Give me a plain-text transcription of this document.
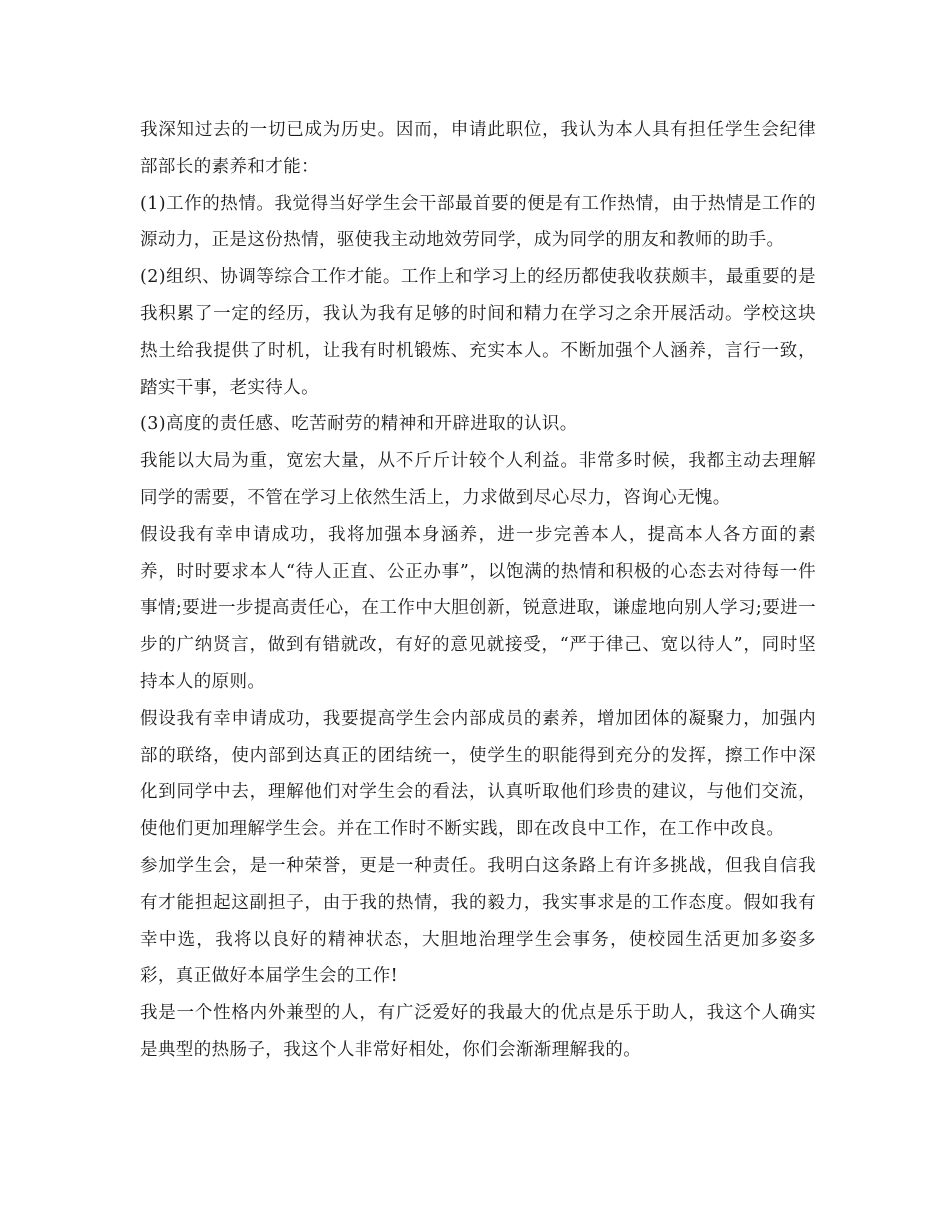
我深知过去的一切已成为历史。因而，申请此职位，我认为本人具有担任学生会纪律部部长的素养和才能：

(1)工作的热情。我觉得当好学生会干部最首要的便是有工作热情，由于热情是工作的源动力，正是这份热情，驱使我主动地效劳同学，成为同学的朋友和教师的助手。

(2)组织、协调等综合工作才能。工作上和学习上的经历都使我收获颇丰，最重要的是我积累了一定的经历，我认为我有足够的时间和精力在学习之余开展活动。学校这块热土给我提供了时机，让我有时机锻炼、充实本人。不断加强个人涵养，言行一致，踏实干事，老实待人。

(3)高度的责任感、吃苦耐劳的精神和开辟进取的认识。

我能以大局为重，宽宏大量，从不斤斤计较个人利益。非常多时候，我都主动去理解同学的需要，不管在学习上依然生活上，力求做到尽心尽力，咨询心无愧。

假设我有幸申请成功，我将加强本身涵养，进一步完善本人，提高本人各方面的素养，时时要求本人“待人正直、公正办事”，以饱满的热情和积极的心态去对待每一件事情;要进一步提高责任心，在工作中大胆创新，锐意进取，谦虚地向别人学习;要进一步的广纳贤言，做到有错就改，有好的意见就接受，“严于律己、宽以待人”，同时坚持本人的原则。

假设我有幸申请成功，我要提高学生会内部成员的素养，增加团体的凝聚力，加强内部的联络，使内部到达真正的团结统一，使学生的职能得到充分的发挥，擦工作中深化到同学中去，理解他们对学生会的看法，认真听取他们珍贵的建议，与他们交流，使他们更加理解学生会。并在工作时不断实践，即在改良中工作，在工作中改良。

参加学生会，是一种荣誉，更是一种责任。我明白这条路上有许多挑战，但我自信我有才能担起这副担子，由于我的热情，我的毅力，我实事求是的工作态度。假如我有幸中选，我将以良好的精神状态，大胆地治理学生会事务，使校园生活更加多姿多彩，真正做好本届学生会的工作!

我是一个性格内外兼型的人，有广泛爱好的我最大的优点是乐于助人，我这个人确实是典型的热肠子，我这个人非常好相处，你们会渐渐理解我的。
